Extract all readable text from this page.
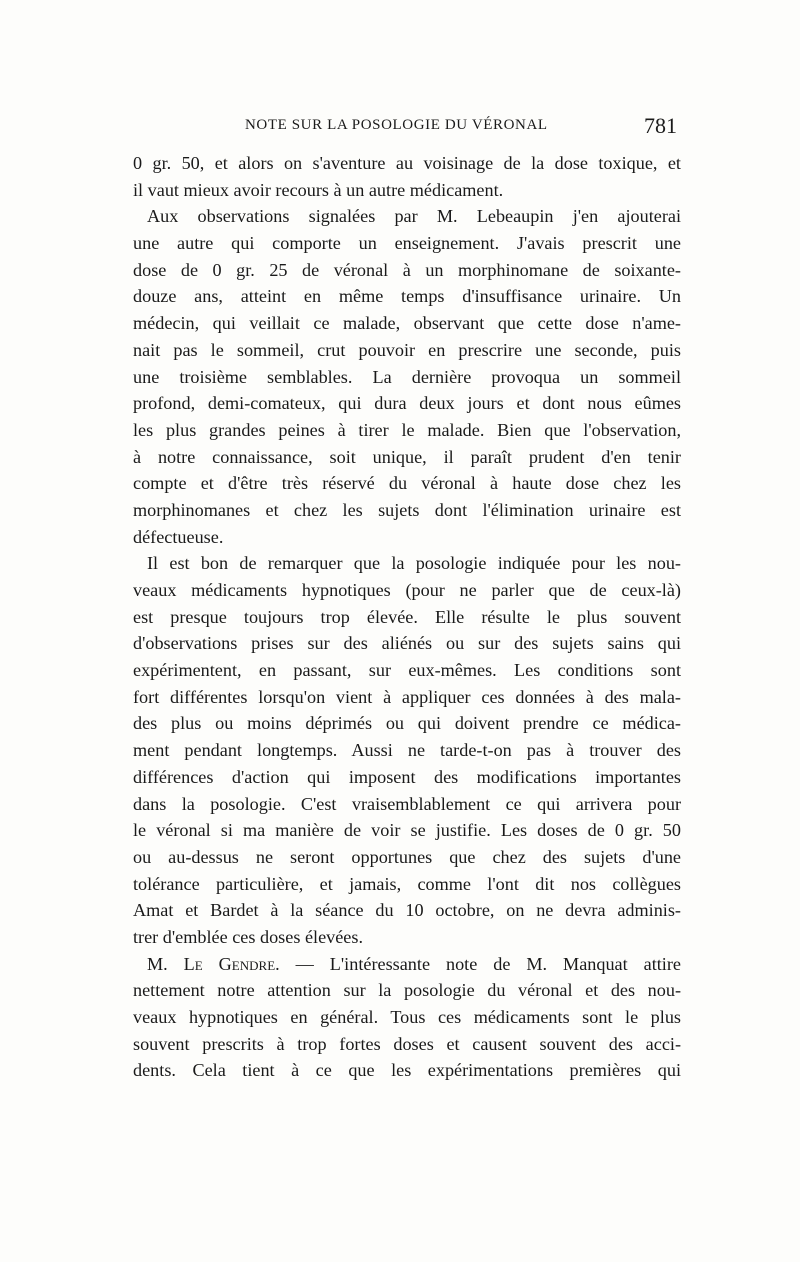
NOTE SUR LA POSOLOGIE DU VÉRONAL	781
0 gr. 50, et alors on s'aventure au voisinage de la dose toxique, et
il vaut mieux avoir recours à un autre médicament.
Aux observations signalées par M. Lebeaupin j'en ajouterai
une autre qui comporte un enseignement. J'avais prescrit une
dose de 0 gr. 25 de véronal à un morphinomane de soixante-
douze ans, atteint en même temps d'insuffisance urinaire. Un
médecin, qui veillait ce malade, observant que cette dose n'ame-
nait pas le sommeil, crut pouvoir en prescrire une seconde, puis
une troisième semblables. La dernière provoqua un sommeil
profond, demi-comateux, qui dura deux jours et dont nous eûmes
les plus grandes peines à tirer le malade. Bien que l'observation,
à notre connaissance, soit unique, il paraît prudent d'en tenir
compte et d'être très réservé du véronal à haute dose chez les
morphinomanes et chez les sujets dont l'élimination urinaire est
défectueuse.
Il est bon de remarquer que la posologie indiquée pour les nou-
veaux médicaments hypnotiques (pour ne parler que de ceux-là)
est presque toujours trop élevée. Elle résulte le plus souvent
d'observations prises sur des aliénés ou sur des sujets sains qui
expérimentent, en passant, sur eux-mêmes. Les conditions sont
fort différentes lorsqu'on vient à appliquer ces données à des mala-
des plus ou moins déprimés ou qui doivent prendre ce médica-
ment pendant longtemps. Aussi ne tarde-t-on pas à trouver des
différences d'action qui imposent des modifications importantes
dans la posologie. C'est vraisemblablement ce qui arrivera pour
le véronal si ma manière de voir se justifie. Les doses de 0 gr. 50
ou au-dessus ne seront opportunes que chez des sujets d'une
tolérance particulière, et jamais, comme l'ont dit nos collègues
Amat et Bardet à la séance du 10 octobre, on ne devra adminis-
trer d'emblée ces doses élevées.
M. Le Gendre. — L'intéressante note de M. Manquat attire
nettement notre attention sur la posologie du véronal et des nou-
veaux hypnotiques en général. Tous ces médicaments sont le plus
souvent prescrits à trop fortes doses et causent souvent des acci-
dents. Cela tient à ce que les expérimentations premières qui
